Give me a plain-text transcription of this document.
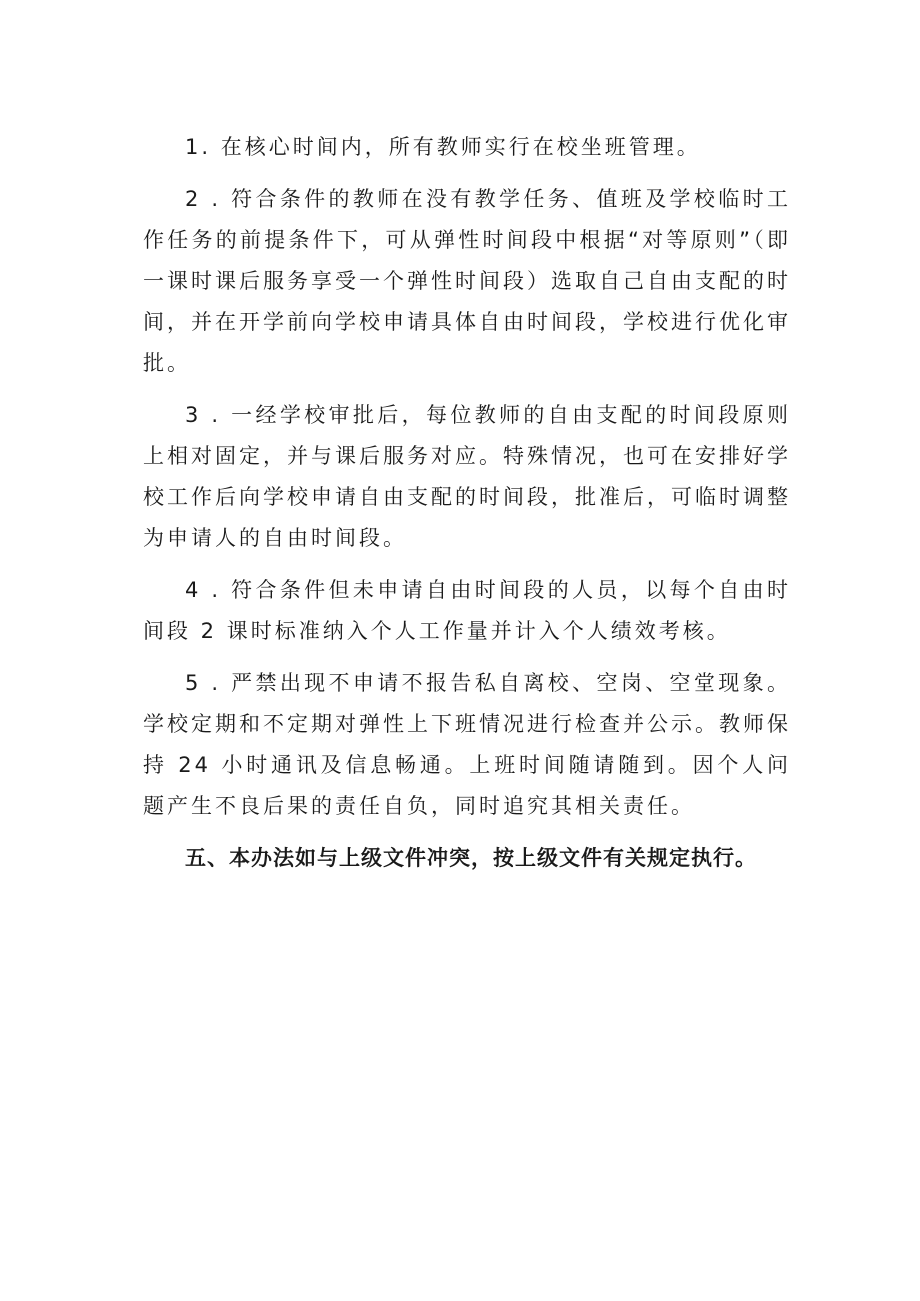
1. 在核心时间内，所有教师实行在校坐班管理。

2 . 符合条件的教师在没有教学任务、值班及学校临时工作任务的前提条件下，可从弹性时间段中根据“对等原则”（即一课时课后服务享受一个弹性时间段）选取自己自由支配的时间，并在开学前向学校申请具体自由时间段，学校进行优化审批。

3 . 一经学校审批后，每位教师的自由支配的时间段原则上相对固定，并与课后服务对应。特殊情况，也可在安排好学校工作后向学校申请自由支配的时间段，批准后，可临时调整为申请人的自由时间段。

4 . 符合条件但未申请自由时间段的人员，以每个自由时间段 2 课时标准纳入个人工作量并计入个人绩效考核。

5 . 严禁出现不申请不报告私自离校、空岗、空堂现象。学校定期和不定期对弹性上下班情况进行检查并公示。教师保持 24 小时通讯及信息畅通。上班时间随请随到。因个人问题产生不良后果的责任自负，同时追究其相关责任。

五、本办法如与上级文件冲突，按上级文件有关规定执行。
